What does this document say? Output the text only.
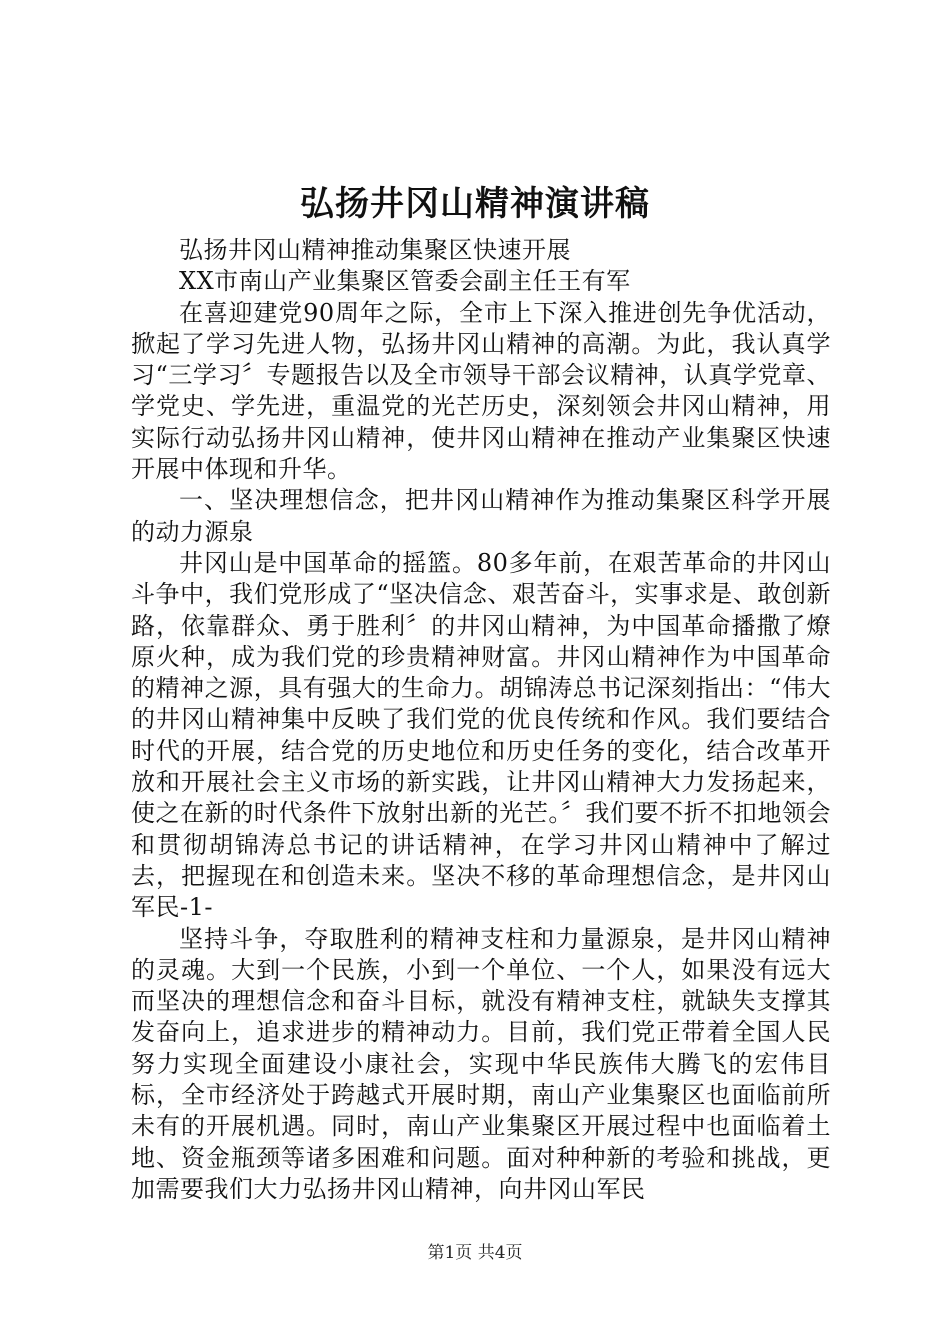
弘扬井冈山精神演讲稿

弘扬井冈山精神推动集聚区快速开展

XX市南山产业集聚区管委会副主任王有军

在喜迎建党90周年之际，全市上下深入推进创先争优活动，掀起了学习先进人物，弘扬井冈山精神的高潮。为此，我认真学习“三学习〞专题报告以及全市领导干部会议精神，认真学党章、学党史、学先进，重温党的光芒历史，深刻领会井冈山精神，用实际行动弘扬井冈山精神，使井冈山精神在推动产业集聚区快速开展中体现和升华。

一、坚决理想信念，把井冈山精神作为推动集聚区科学开展的动力源泉

井冈山是中国革命的摇篮。80多年前，在艰苦革命的井冈山斗争中，我们党形成了“坚决信念、艰苦奋斗，实事求是、敢创新路，依靠群众、勇于胜利〞的井冈山精神，为中国革命播撒了燎原火种，成为我们党的珍贵精神财富。井冈山精神作为中国革命的精神之源，具有强大的生命力。胡锦涛总书记深刻指出：“伟大的井冈山精神集中反映了我们党的优良传统和作风。我们要结合时代的开展，结合党的历史地位和历史任务的变化，结合改革开放和开展社会主义市场的新实践，让井冈山精神大力发扬起来，使之在新的时代条件下放射出新的光芒。〞我们要不折不扣地领会和贯彻胡锦涛总书记的讲话精神，在学习井冈山精神中了解过去，把握现在和创造未来。坚决不移的革命理想信念，是井冈山军民-1-

坚持斗争，夺取胜利的精神支柱和力量源泉，是井冈山精神的灵魂。大到一个民族，小到一个单位、一个人，如果没有远大而坚决的理想信念和奋斗目标，就没有精神支柱，就缺失支撑其发奋向上，追求进步的精神动力。目前，我们党正带着全国人民努力实现全面建设小康社会，实现中华民族伟大腾飞的宏伟目标，全市经济处于跨越式开展时期，南山产业集聚区也面临前所未有的开展机遇。同时，南山产业集聚区开展过程中也面临着土地、资金瓶颈等诸多困难和问题。面对种种新的考验和挑战，更加需要我们大力弘扬井冈山精神，向井冈山军民

第1页 共4页
